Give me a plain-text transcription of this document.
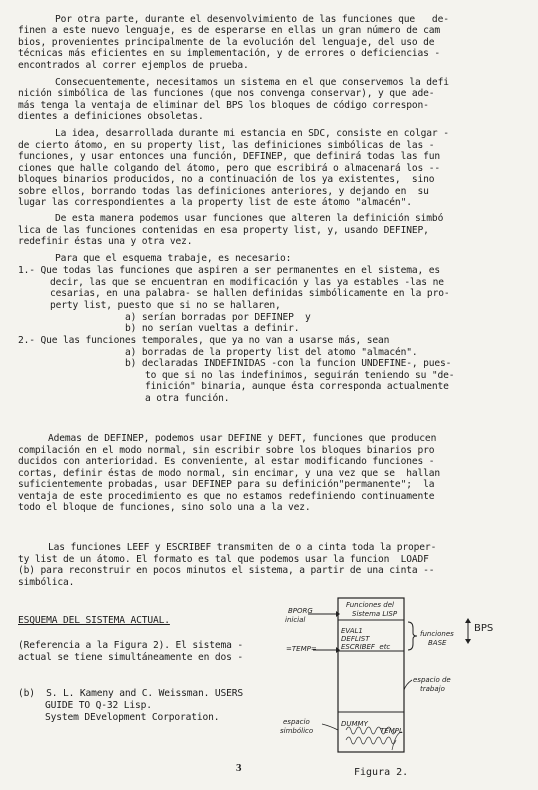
Por otra parte, durante el desenvolvimiento de las funciones que   de-
finen a este nuevo lenguaje, es de esperarse en ellas un gran número de cam
bios, provenientes principalmente de la evolución del lenguaje, del uso de
técnicas más eficientes en su implementación, y de errores o deficiencias -
encontrados al correr ejemplos de prueba.
Consecuentemente, necesitamos un sistema en el que conservemos la defi
nición simbólica de las funciones (que nos convenga conservar), y que ade-
más tenga la ventaja de eliminar del BPS los bloques de código correspon-
dientes a definiciones obsoletas.
La idea, desarrollada durante mi estancia en SDC, consiste en colgar -
de cierto átomo, en su property list, las definiciones simbólicas de las -
funciones, y usar entonces una función, DEFINEP, que definirá todas las fun
ciones que halle colgando del átomo, pero que escribirá o almacenará los --
bloques binarios producidos, no a continuación de los ya existentes,  sino
sobre ellos, borrando todas las definiciones anteriores, y dejando en  su
lugar las correspondientes a la property list de este átomo "almacén".
De esta manera podemos usar funciones que alteren la definición simbó
lica de las funciones contenidas en esa property list, y, usando DEFINEP,
redefinir éstas una y otra vez.
Para que el esquema trabaje, es necesario:
1.- Que todas las funciones que aspiren a ser permanentes en el sistema, es
decir, las que se encuentran en modificación y las ya estables -las ne
cesarias, en una palabra- se hallen definidas simbólicamente en la pro-
perty list, puesto que si no se hallaren,
a) serían borradas por DEFINEP  y
b) no serían vueltas a definir.
2.- Que las funciones temporales, que ya no van a usarse más, sean
a) borradas de la property list del atomo "almacén".
b) declaradas INDEFINIDAS -con la funcion UNDEFINE-, pues-
to que si no las indefinimos, seguirán teniendo su "de-
finición" binaria, aunque ésta corresponda actualmente
a otra función.
Ademas de DEFINEP, podemos usar DEFINE y DEFT, funciones que producen
compilación en el modo normal, sin escribir sobre los bloques binarios pro
ducidos con anterioridad. Es conveniente, al estar modificando funciones -
cortas, definir éstas de modo normal, sin encimar, y una vez que se  hallan
suficientemente probadas, usar DEFINEP para su definición"permanente";  la
ventaja de este procedimiento es que no estamos redefiniendo continuamente
todo el bloque de funciones, sino solo una a la vez.
Las funciones LEEF y ESCRIBEF transmiten de o a cinta toda la proper-
ty list de un átomo. El formato es tal que podemos usar la funcion  LOADF
(b) para reconstruir en pocos minutos el sistema, a partir de una cinta --
simbólica.
ESQUEMA DEL SISTEMA ACTUAL.
(Referencia a la Figura 2). El sistema -
actual se tiene simultáneamente en dos -
(b)  S. L. Kameny and C. Weissman. USERS
GUIDE TO Q-32 Lisp.
System DEvelopment Corporation.
BPORG
inicial
Funciones del
Sistema LISP
EVAL1
DEFLIST
ESCRIBEF  etc
=TEMP=
funciones
BASE
BPS
espacio de
trabajo
espacio
simbólico
DUMMY
TEMPL
3	Figura 2.
